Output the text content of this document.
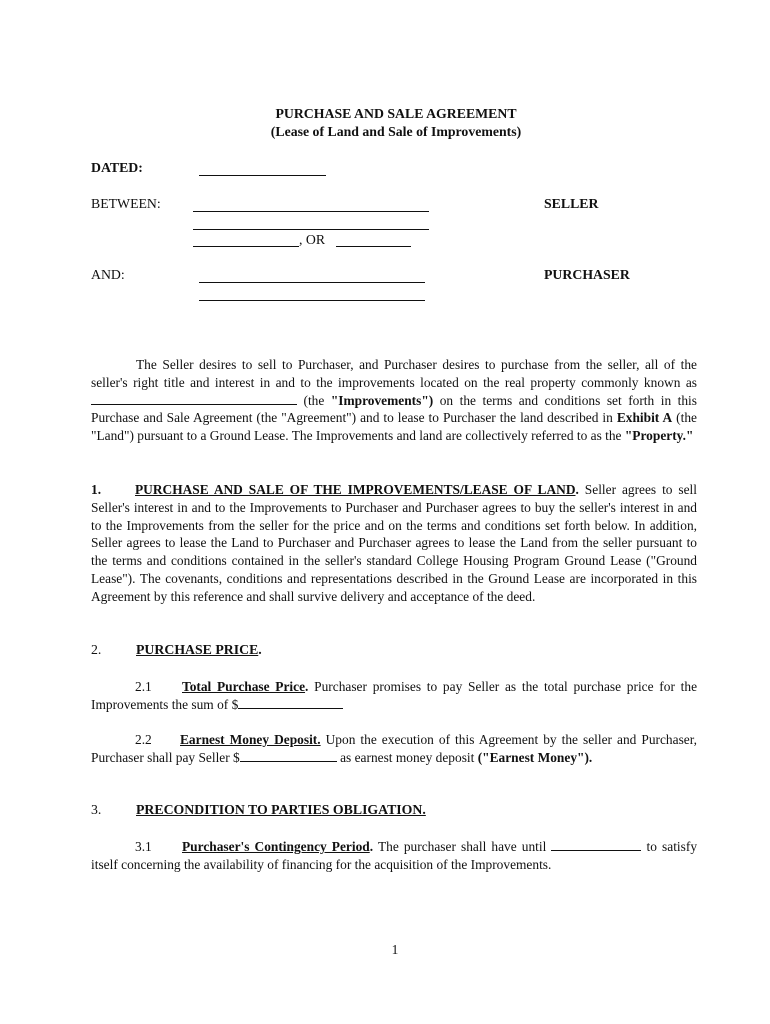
PURCHASE AND SALE AGREEMENT
(Lease of Land and Sale of Improvements)
DATED:
BETWEEN:	SELLER
, OR
AND:	PURCHASER
The Seller desires to sell to Purchaser, and Purchaser desires to purchase from the seller, all of the seller's right title and interest in and to the improvements located on the real property commonly known as  (the "Improvements") on the terms and conditions set forth in this Purchase and Sale Agreement (the "Agreement") and to lease to Purchaser the land described in Exhibit A (the "Land") pursuant to a Ground Lease. The Improvements and land are collectively referred to as the "Property."
1.	PURCHASE AND SALE OF THE IMPROVEMENTS/LEASE OF LAND. Seller agrees to sell Seller's interest in and to the Improvements to Purchaser and Purchaser agrees to buy the seller's interest in and to the Improvements from the seller for the price and on the terms and conditions set forth below. In addition, Seller agrees to lease the Land to Purchaser and Purchaser agrees to lease the Land from the seller pursuant to the terms and conditions contained in the seller's standard College Housing Program Ground Lease ("Ground Lease"). The covenants, conditions and representations described in the Ground Lease are incorporated in this Agreement by this reference and shall survive delivery and acceptance of the deed.
2.	PURCHASE PRICE.
2.1 Total Purchase Price. Purchaser promises to pay Seller as the total purchase price for the Improvements the sum of $
2.2 Earnest Money Deposit. Upon the execution of this Agreement by the seller and Purchaser, Purchaser shall pay Seller $	as earnest money deposit ("Earnest Money").
3.	PRECONDITION TO PARTIES OBLIGATION.
3.1 Purchaser's Contingency Period. The purchaser shall have until	to satisfy itself concerning the availability of financing for the acquisition of the Improvements.
1
